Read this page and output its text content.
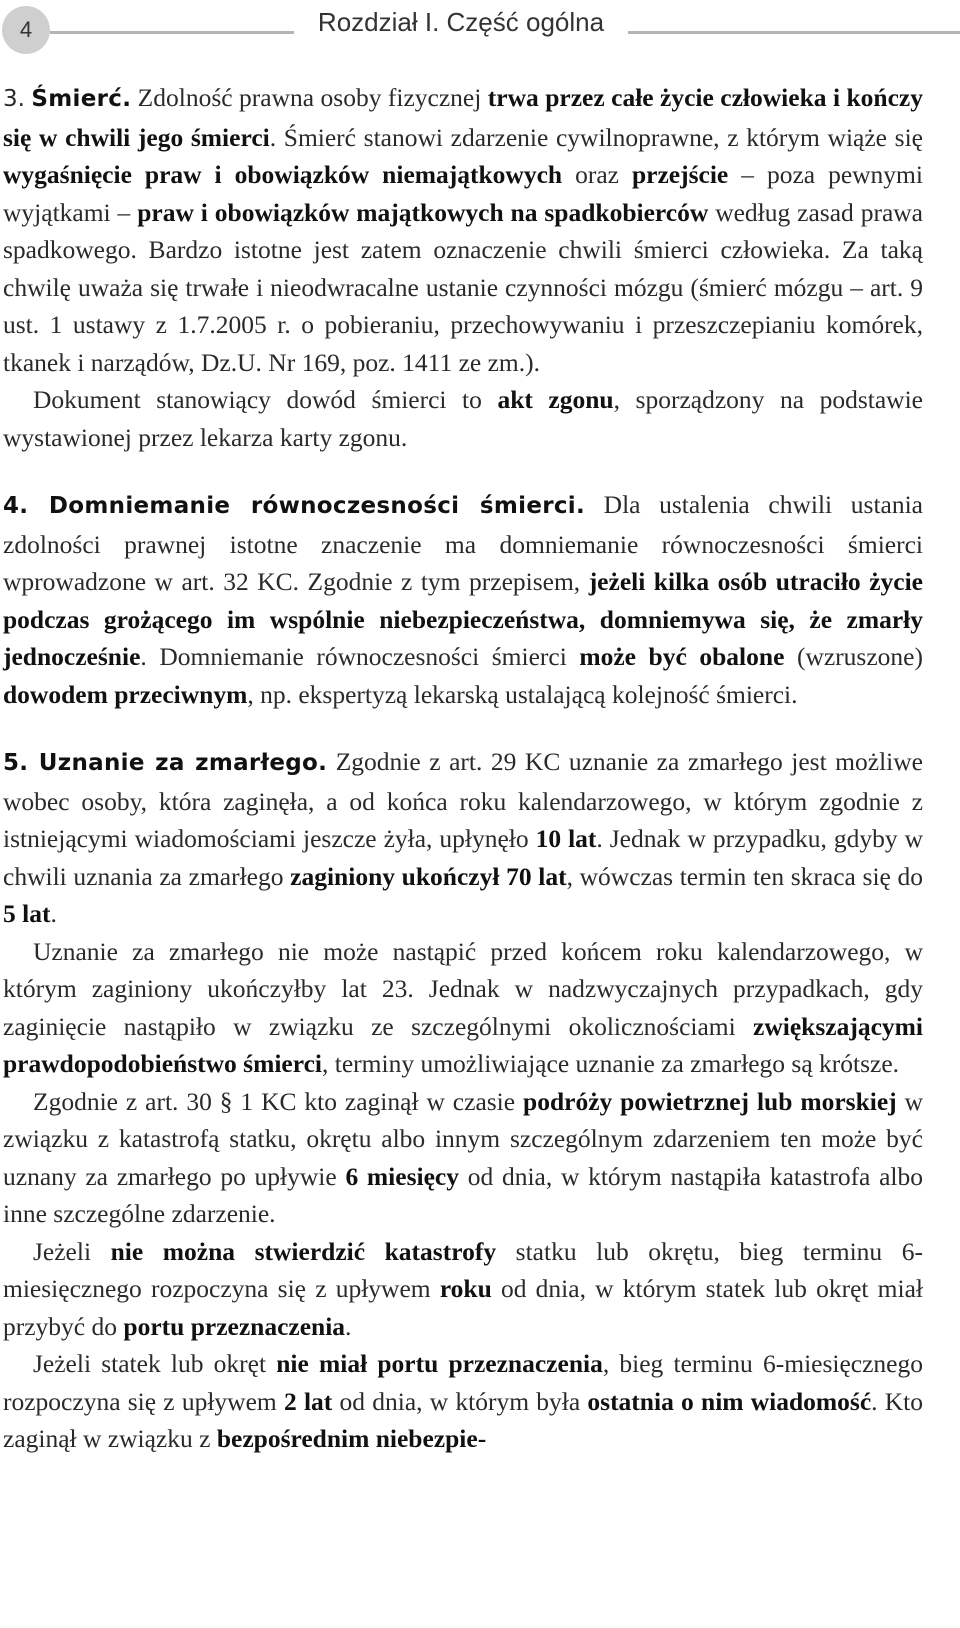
4	Rozdział I. Część ogólna

3. Śmierć. Zdolność prawna osoby fizycznej trwa przez całe życie człowieka i kończy się w chwili jego śmierci. Śmierć stanowi zdarzenie cywilnoprawne, z którym wiąże się wygaśnięcie praw i obowiązków niemajątkowych oraz przejście – poza pewnymi wyjątkami – praw i obowiązków majątkowych na spadkobierców według zasad prawa spadkowego. Bardzo istotne jest zatem oznaczenie chwili śmierci człowieka. Za taką chwilę uważa się trwałe i nieodwracalne ustanie czynności mózgu (śmierć mózgu – art. 9 ust. 1 ustawy z 1.7.2005 r. o pobieraniu, przechowywaniu i przeszczepianiu komórek, tkanek i narządów, Dz.U. Nr 169, poz. 1411 ze zm.).

Dokument stanowiący dowód śmierci to akt zgonu, sporządzony na podstawie wystawionej przez lekarza karty zgonu.

4. Domniemanie równoczesności śmierci. Dla ustalenia chwili ustania zdolności prawnej istotne znaczenie ma domniemanie równoczesności śmierci wprowadzone w art. 32 KC. Zgodnie z tym przepisem, jeżeli kilka osób utraciło życie podczas grożącego im wspólnie niebezpieczeństwa, domniemywa się, że zmarły jednocześnie. Domniemanie równoczesności śmierci może być obalone (wzruszone) dowodem przeciwnym, np. ekspertyzą lekarską ustalającą kolejność śmierci.

5. Uznanie za zmarłego. Zgodnie z art. 29 KC uznanie za zmarłego jest możliwe wobec osoby, która zaginęła, a od końca roku kalendarzowego, w którym zgodnie z istniejącymi wiadomościami jeszcze żyła, upłynęło 10 lat. Jednak w przypadku, gdyby w chwili uznania za zmarłego zaginiony ukończył 70 lat, wówczas termin ten skraca się do 5 lat.

Uznanie za zmarłego nie może nastąpić przed końcem roku kalendarzowego, w którym zaginiony ukończyłby lat 23. Jednak w nadzwyczajnych przypadkach, gdy zaginięcie nastąpiło w związku ze szczególnymi okolicznościami zwiększającymi prawdopodobieństwo śmierci, terminy umożliwiające uznanie za zmarłego są krótsze.

Zgodnie z art. 30 § 1 KC kto zaginął w czasie podróży powietrznej lub morskiej w związku z katastrofą statku, okrętu albo innym szczególnym zdarzeniem ten może być uznany za zmarłego po upływie 6 miesięcy od dnia, w którym nastąpiła katastrofa albo inne szczególne zdarzenie.

Jeżeli nie można stwierdzić katastrofy statku lub okrętu, bieg terminu 6-miesięcznego rozpoczyna się z upływem roku od dnia, w którym statek lub okręt miał przybyć do portu przeznaczenia.

Jeżeli statek lub okręt nie miał portu przeznaczenia, bieg terminu 6-miesięcznego rozpoczyna się z upływem 2 lat od dnia, w którym była ostatnia o nim wiadomość. Kto zaginął w związku z bezpośrednim niebezpie-
